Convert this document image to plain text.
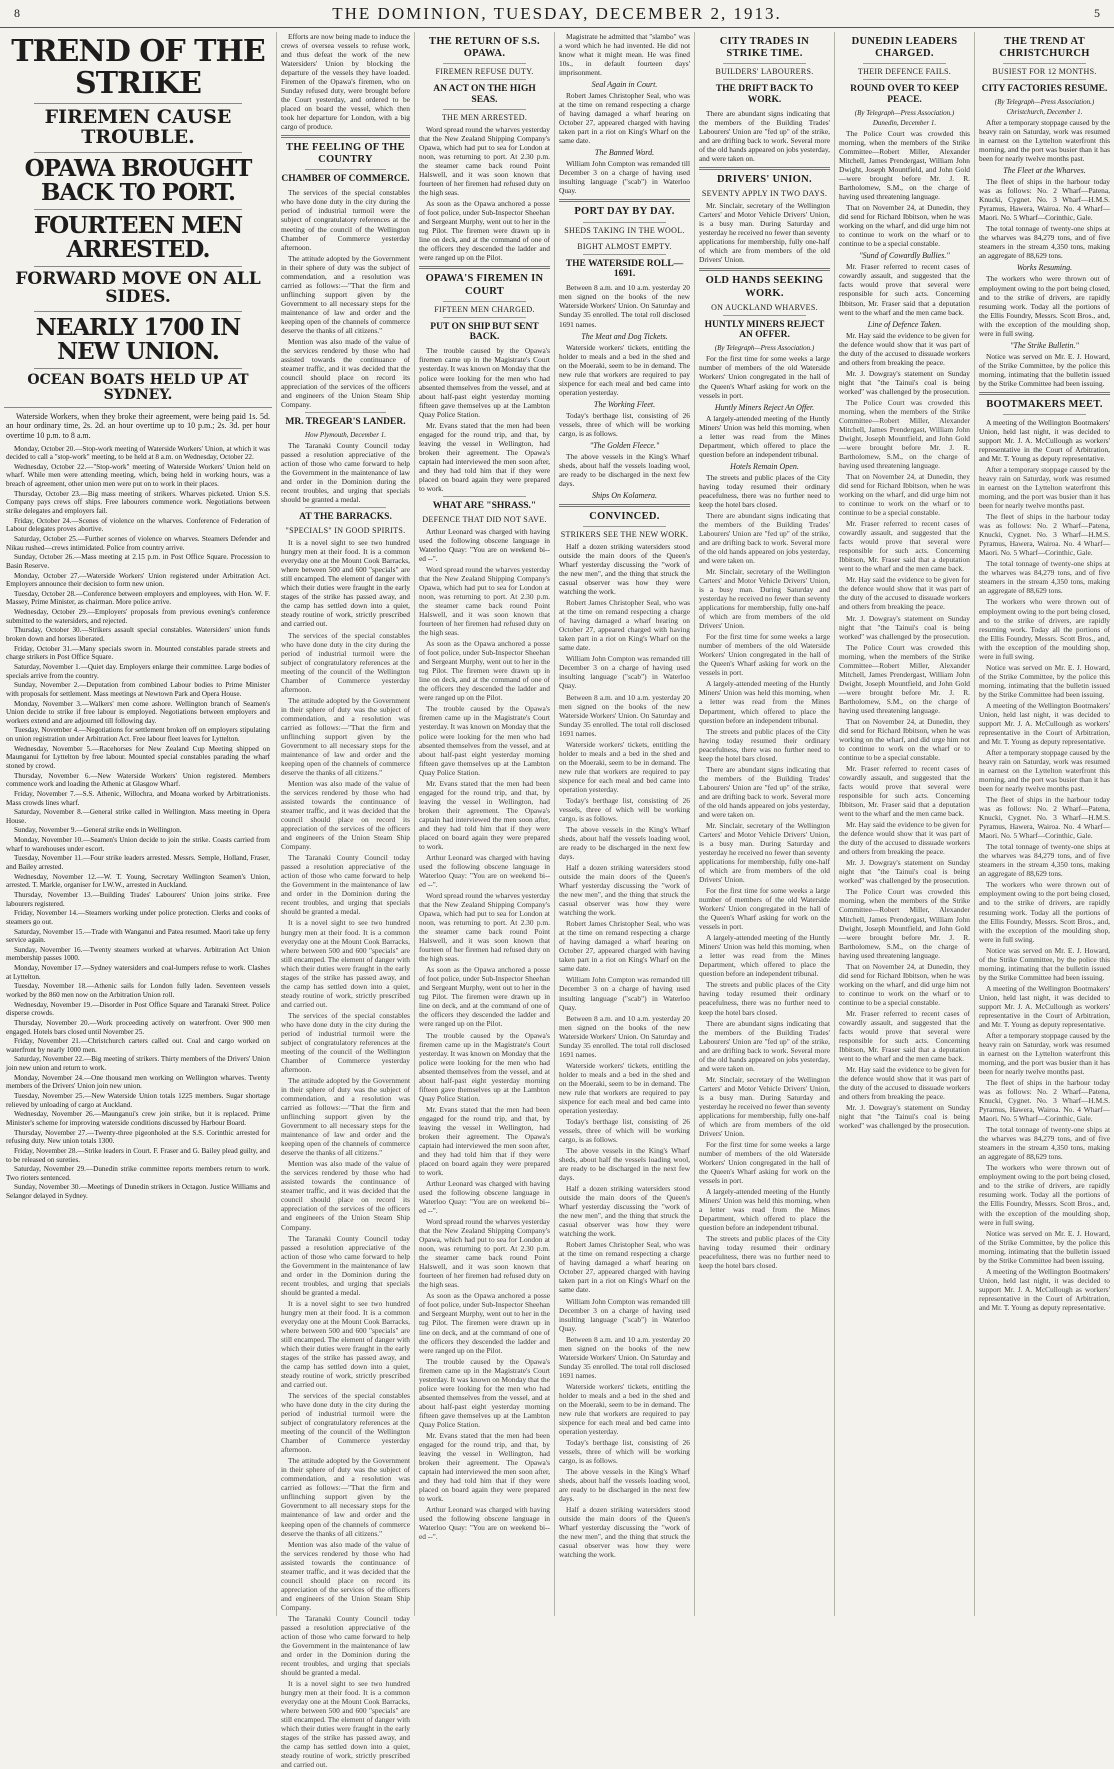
8	THE DOMINION, TUESDAY, DECEMBER 2, 1913.	5
TREND OF THE STRIKE
FIREMEN CAUSE TROUBLE.
OPAWA BROUGHT BACK TO PORT.
FOURTEEN MEN ARRESTED.
FORWARD MOVE ON ALL SIDES.
NEARLY 1700 IN NEW UNION.
OCEAN BOATS HELD UP AT SYDNEY.
Waterside Workers, when they broke their agreement, were being paid 1s. 5d. an hour ordinary time, 2s. 2d. an hour overtime up to 10 p.m.; 2s. 3d. per hour overtime 10 p.m. to 8 a.m.

Monday, October 20.—Stop-work meeting of Waterside Workers' Union, at which it was decided to call a "stop-work" meeting, to be held at 8 a.m. on Wednesday, October 22.

Wednesday, October 22.—"Stop-work" meeting of Waterside Workers' Union held on wharf. While men were attending meeting, which, being held in working hours, was a breach of agreement, other union men were put on to work in their places.

Thursday, October 23.—Big mass meeting of strikers. Wharves picketed. Union S.S. Company pays crews off ships. Free labourers commence work. Negotiations between strike delegates and employers fail.

Friday, October 24.—Scenes of violence on the wharves. Conference of Federation of Labour delegates proves abortive.

Saturday, October 25.—Further scenes of violence on wharves. Steamers Defender and Nikau rushed—crews intimidated. Police from country arrive.

Sunday, October 26.—Mass meeting at 2.15 p.m. in Post Office Square. Procession to Basin Reserve.

Monday, October 27.—Waterside Workers' Union registered under Arbitration Act. Employers announce their decision to form new union.

Tuesday, October 28.—Conference between employers and employees, with Hon. W. F. Massey, Prime Minister, as chairman. More police arrive.

Wednesday, October 29.—Employers' proposals from previous evening's conference submitted to the watersiders, and rejected.

Thursday, October 30.—Strikers assault special constables. Watersiders' union funds broken down and horses liberated.

Friday, October 31.—Many specials sworn in. Mounted constables parade streets and charge strikers in Post Office Square.

Saturday, November 1.—Quiet day. Employers enlarge their committee. Large bodies of specials arrive from the country.

Sunday, November 2.—Deputation from combined Labour bodies to Prime Minister with proposals for settlement. Mass meetings at Newtown Park and Opera House.

Monday, November 3.—Walkers' men come ashore. Wellington branch of Seamen's Union decide to strike if free labour is employed. Negotiations between employers and workers extend and are adjourned till following day.

Tuesday, November 4.—Negotiations for settlement broken off on employers stipulating on union registration under Arbitration Act. Free labour fleet leaves for Lyttelton.

Wednesday, November 5.—Racehorses for New Zealand Cup Meeting shipped on Maunganui for Lyttelton by free labour. Mounted special constables parading the wharf stoned by crowd.

Thursday, November 6.—New Waterside Workers' Union registered. Members commence work and loading the Athenic at Glasgow Wharf.

Friday, November 7.—S.S. Athenic, Willochra, and Moana worked by Arbitrationists. Mass crowds lines wharf.

Saturday, November 8.—General strike called in Wellington. Mass meeting in Opera House.

Sunday, November 9.—General strike ends in Wellington.

Monday, November 10.—Seamen's Union decide to join the strike. Coasts carried from wharf to warehouses under escort.

Tuesday, November 11.—Four strike leaders arrested. Messrs. Semple, Holland, Fraser, and Bailey arrested.

Wednesday, November 12.—W. T. Young, Secretary Wellington Seamen's Union, arrested. T. Markle, organiser for I.W.W., arrested in Auckland.

Thursday, November 13.—Building Trades' Labourers' Union joins strike. Free labourers registered.

Friday, November 14.—Steamers working under police protection. Clerks and cooks of steamers go out.

Saturday, November 15.—Trade with Wanganui and Patea resumed. Maori take up ferry service again.

Sunday, November 16.—Twenty steamers worked at wharves. Arbitration Act Union membership passes 1000.

Monday, November 17.—Sydney watersiders and coal-lumpers refuse to work. Clashes at Lyttelton.

Tuesday, November 18.—Athenic sails for London fully laden. Seventeen vessels worked by the 860 men now on the Arbitration Union roll.

Wednesday, November 19.—Disorder in Post Office Square and Taranaki Street. Police disperse crowds.

Thursday, November 20.—Work proceeding actively on waterfront. Over 900 men engaged. Hotels bars closed until November 25.

Friday, November 21.—Christchurch carters called out. Coal and cargo worked on waterfront by nearly 1000 men.

Saturday, November 22.—Big meeting of strikers. Thirty members of the Drivers' Union join new union and return to work.

Monday, November 24.—One thousand men working on Wellington wharves. Twenty members of the Drivers' Union join new union.

Tuesday, November 25.—New Waterside Union totals 1225 members. Sugar shortage relieved by unloading of cargo at Auckland.

Wednesday, November 26.—Maunganui's crew join strike, but it is replaced. Prime Minister's scheme for improving waterside conditions discussed by Harbour Board.

Thursday, November 27.—Twenty-three pigeonholed at the S.S. Corinthic arrested for refusing duty. New union totals 1300.

Friday, November 28.—Strike leaders in Court. F. Fraser and G. Bailey plead guilty, and to be released on sureties.

Saturday, November 29.—Dunedin strike committee reports members return to work. Two rioters sentenced.

Sunday, November 30.—Meetings of Dunedin strikers in Octagon. Justice Williams and Selangor delayed in Sydney.

Efforts are now being made to induce the crews of oversea vessels to refuse work, and thus defeat the work of the new Watersiders' Union by blocking the departure of the vessels they have loaded. Firemen of the Opawa's firemen, who on Sunday refused duty, were brought before the Court yesterday, and ordered to be placed on board the vessel, which then took her departure for London, with a big cargo of produce.

THE FEELING OF THE COUNTRY
CHAMBER OF COMMERCE.

The services of the special constables who have done duty in the city during the period of industrial turmoil were the subject of congratulatory references at the meeting of the council of the Wellington Chamber of Commerce yesterday afternoon.

The attitude adopted by the Government in their sphere of duty was the subject of commendation, and a resolution was carried as follows:—"That the firm and unflinching support given by the Government to all necessary steps for the maintenance of law and order and the keeping open of the channels of commerce deserve the thanks of all citizens."

Mention was also made of the value of the services rendered by those who had assisted towards the continuance of steamer traffic, and it was decided that the council should place on record its appreciation of the services of the officers and engineers of the Union Steam Ship Company.

MR. TREGEAR'S LANDER.
How Plymouth, December 1.

The Taranaki County Council today passed a resolution appreciative of the action of those who came forward to help the Government in the maintenance of law and order in the Dominion during the recent troubles, and urging that specials should be granted a medal.

AT THE BARRACKS.
"SPECIALS" IN GOOD SPIRITS.

It is a novel sight to see two hundred hungry men at their food. It is a common everyday one at the Mount Cook Barracks, where between 500 and 600 "specials" are still encamped. The element of danger with which their duties were fraught in the early stages of the strike has passed away, and the camp has settled down into a quiet, steady routine of work, strictly prescribed and carried out.

The services of the special constables who have done duty in the city during the period of industrial turmoil were the subject of congratulatory references at the meeting of the council of the Wellington Chamber of Commerce yesterday afternoon.

The attitude adopted by the Government in their sphere of duty was the subject of commendation, and a resolution was carried as follows:—"That the firm and unflinching support given by the Government to all necessary steps for the maintenance of law and order and the keeping open of the channels of commerce deserve the thanks of all citizens."

Mention was also made of the value of the services rendered by those who had assisted towards the continuance of steamer traffic, and it was decided that the council should place on record its appreciation of the services of the officers and engineers of the Union Steam Ship Company.

The Taranaki County Council today passed a resolution appreciative of the action of those who came forward to help the Government in the maintenance of law and order in the Dominion during the recent troubles, and urging that specials should be granted a medal.

It is a novel sight to see two hundred hungry men at their food. It is a common everyday one at the Mount Cook Barracks, where between 500 and 600 "specials" are still encamped. The element of danger with which their duties were fraught in the early stages of the strike has passed away, and the camp has settled down into a quiet, steady routine of work, strictly prescribed and carried out.

The services of the special constables who have done duty in the city during the period of industrial turmoil were the subject of congratulatory references at the meeting of the council of the Wellington Chamber of Commerce yesterday afternoon.

The attitude adopted by the Government in their sphere of duty was the subject of commendation, and a resolution was carried as follows:—"That the firm and unflinching support given by the Government to all necessary steps for the maintenance of law and order and the keeping open of the channels of commerce deserve the thanks of all citizens."

Mention was also made of the value of the services rendered by those who had assisted towards the continuance of steamer traffic, and it was decided that the council should place on record its appreciation of the services of the officers and engineers of the Union Steam Ship Company.

The Taranaki County Council today passed a resolution appreciative of the action of those who came forward to help the Government in the maintenance of law and order in the Dominion during the recent troubles, and urging that specials should be granted a medal.

It is a novel sight to see two hundred hungry men at their food. It is a common everyday one at the Mount Cook Barracks, where between 500 and 600 "specials" are still encamped. The element of danger with which their duties were fraught in the early stages of the strike has passed away, and the camp has settled down into a quiet, steady routine of work, strictly prescribed and carried out.

The services of the special constables who have done duty in the city during the period of industrial turmoil were the subject of congratulatory references at the meeting of the council of the Wellington Chamber of Commerce yesterday afternoon.

The attitude adopted by the Government in their sphere of duty was the subject of commendation, and a resolution was carried as follows:—"That the firm and unflinching support given by the Government to all necessary steps for the maintenance of law and order and the keeping open of the channels of commerce deserve the thanks of all citizens."

Mention was also made of the value of the services rendered by those who had assisted towards the continuance of steamer traffic, and it was decided that the council should place on record its appreciation of the services of the officers and engineers of the Union Steam Ship Company.

The Taranaki County Council today passed a resolution appreciative of the action of those who came forward to help the Government in the maintenance of law and order in the Dominion during the recent troubles, and urging that specials should be granted a medal.

It is a novel sight to see two hundred hungry men at their food. It is a common everyday one at the Mount Cook Barracks, where between 500 and 600 "specials" are still encamped. The element of danger with which their duties were fraught in the early stages of the strike has passed away, and the camp has settled down into a quiet, steady routine of work, strictly prescribed and carried out.

THE RETURN OF S.S. OPAWA.
FIREMEN REFUSE DUTY.
AN ACT ON THE HIGH SEAS.
THE MEN ARRESTED.

Word spread round the wharves yesterday that the New Zealand Shipping Company's Opawa, which had put to sea for London at noon, was returning to port. At 2.30 p.m. the steamer came back round Point Halswell, and it was soon known that fourteen of her firemen had refused duty on the high seas.

As soon as the Opawa anchored a posse of foot police, under Sub-Inspector Sheehan and Sergeant Murphy, went out to her in the tug Pilot. The firemen were drawn up in line on deck, and at the command of one of the officers they descended the ladder and were ranged up on the Pilot.

OPAWA'S FIREMEN IN COURT
FIFTEEN MEN CHARGED.
PUT ON SHIP BUT SENT BACK.

The trouble caused by the Opawa's firemen came up in the Magistrate's Court yesterday. It was known on Monday that the police were looking for the men who had absented themselves from the vessel, and at about half-past eight yesterday morning fifteen gave themselves up at the Lambton Quay Police Station.

Mr. Evans stated that the men had been engaged for the round trip, and that, by leaving the vessel in Wellington, had broken their agreement. The Opawa's captain had interviewed the men soon after, and they had told him that if they were placed on board again they were prepared to work.

WHAT ARE "SHRASS."
DEFENCE THAT DID NOT SAVE.

Arthur Leonard was charged with having used the following obscene language in Waterloo Quay: "You are on weekend bi--ed --".

Word spread round the wharves yesterday that the New Zealand Shipping Company's Opawa, which had put to sea for London at noon, was returning to port. At 2.30 p.m. the steamer came back round Point Halswell, and it was soon known that fourteen of her firemen had refused duty on the high seas.

As soon as the Opawa anchored a posse of foot police, under Sub-Inspector Sheehan and Sergeant Murphy, went out to her in the tug Pilot. The firemen were drawn up in line on deck, and at the command of one of the officers they descended the ladder and were ranged up on the Pilot.

The trouble caused by the Opawa's firemen came up in the Magistrate's Court yesterday. It was known on Monday that the police were looking for the men who had absented themselves from the vessel, and at about half-past eight yesterday morning fifteen gave themselves up at the Lambton Quay Police Station.

Mr. Evans stated that the men had been engaged for the round trip, and that, by leaving the vessel in Wellington, had broken their agreement. The Opawa's captain had interviewed the men soon after, and they had told him that if they were placed on board again they were prepared to work.

Arthur Leonard was charged with having used the following obscene language in Waterloo Quay: "You are on weekend bi--ed --".

Word spread round the wharves yesterday that the New Zealand Shipping Company's Opawa, which had put to sea for London at noon, was returning to port. At 2.30 p.m. the steamer came back round Point Halswell, and it was soon known that fourteen of her firemen had refused duty on the high seas.

As soon as the Opawa anchored a posse of foot police, under Sub-Inspector Sheehan and Sergeant Murphy, went out to her in the tug Pilot. The firemen were drawn up in line on deck, and at the command of one of the officers they descended the ladder and were ranged up on the Pilot.

The trouble caused by the Opawa's firemen came up in the Magistrate's Court yesterday. It was known on Monday that the police were looking for the men who had absented themselves from the vessel, and at about half-past eight yesterday morning fifteen gave themselves up at the Lambton Quay Police Station.

Mr. Evans stated that the men had been engaged for the round trip, and that, by leaving the vessel in Wellington, had broken their agreement. The Opawa's captain had interviewed the men soon after, and they had told him that if they were placed on board again they were prepared to work.

Arthur Leonard was charged with having used the following obscene language in Waterloo Quay: "You are on weekend bi--ed --".

Word spread round the wharves yesterday that the New Zealand Shipping Company's Opawa, which had put to sea for London at noon, was returning to port. At 2.30 p.m. the steamer came back round Point Halswell, and it was soon known that fourteen of her firemen had refused duty on the high seas.

As soon as the Opawa anchored a posse of foot police, under Sub-Inspector Sheehan and Sergeant Murphy, went out to her in the tug Pilot. The firemen were drawn up in line on deck, and at the command of one of the officers they descended the ladder and were ranged up on the Pilot.

The trouble caused by the Opawa's firemen came up in the Magistrate's Court yesterday. It was known on Monday that the police were looking for the men who had absented themselves from the vessel, and at about half-past eight yesterday morning fifteen gave themselves up at the Lambton Quay Police Station.

Mr. Evans stated that the men had been engaged for the round trip, and that, by leaving the vessel in Wellington, had broken their agreement. The Opawa's captain had interviewed the men soon after, and they had told him that if they were placed on board again they were prepared to work.

Arthur Leonard was charged with having used the following obscene language in Waterloo Quay: "You are on weekend bi--ed --".

Magistrate he admitted that "slambo" was a word which he had invented. He did not know what it might mean. He was fined 10s., in default fourteen days' imprisonment.

Seal Again in Court.

Robert James Christopher Seal, who was at the time on remand respecting a charge of having damaged a wharf hearing on October 27, appeared charged with having taken part in a riot on King's Wharf on the same date.

The Banned Word.

William John Compton was remanded till December 3 on a charge of having used insulting language ("scab") in Waterloo Quay.

PORT DAY BY DAY.
SHEDS TAKING IN THE WOOL.
BIGHT ALMOST EMPTY.
THE WATERSIDE ROLL—1691.

Between 8 a.m. and 10 a.m. yesterday 20 men signed on the books of the new Waterside Workers' Union. On Saturday and Sunday 35 enrolled. The total roll disclosed 1691 names.

The Meat and Dog Tickets.

Waterside workers' tickets, entitling the holder to meals and a bed in the shed and on the Moeraki, seem to be in demand. The new rule that workers are required to pay sixpence for each meal and bed came into operation yesterday.

The Working Fleet.

Today's berthage list, consisting of 26 vessels, three of which will be working cargo, is as follows.

"The Golden Fleece."

The above vessels in the King's Wharf sheds, about half the vessels loading wool, are ready to be discharged in the next few days.

Ships On Kolamera.
CONVINCED.
STRIKERS SEE THE NEW WORK.

Half a dozen striking watersiders stood outside the main doors of the Queen's Wharf yesterday discussing the "work of the new men", and the thing that struck the casual observer was how they were watching the work.

Robert James Christopher Seal, who was at the time on remand respecting a charge of having damaged a wharf hearing on October 27, appeared charged with having taken part in a riot on King's Wharf on the same date.

William John Compton was remanded till December 3 on a charge of having used insulting language ("scab") in Waterloo Quay.

Between 8 a.m. and 10 a.m. yesterday 20 men signed on the books of the new Waterside Workers' Union. On Saturday and Sunday 35 enrolled. The total roll disclosed 1691 names.

Waterside workers' tickets, entitling the holder to meals and a bed in the shed and on the Moeraki, seem to be in demand. The new rule that workers are required to pay sixpence for each meal and bed came into operation yesterday.

Today's berthage list, consisting of 26 vessels, three of which will be working cargo, is as follows.

The above vessels in the King's Wharf sheds, about half the vessels loading wool, are ready to be discharged in the next few days.

Half a dozen striking watersiders stood outside the main doors of the Queen's Wharf yesterday discussing the "work of the new men", and the thing that struck the casual observer was how they were watching the work.

Robert James Christopher Seal, who was at the time on remand respecting a charge of having damaged a wharf hearing on October 27, appeared charged with having taken part in a riot on King's Wharf on the same date.

William John Compton was remanded till December 3 on a charge of having used insulting language ("scab") in Waterloo Quay.

Between 8 a.m. and 10 a.m. yesterday 20 men signed on the books of the new Waterside Workers' Union. On Saturday and Sunday 35 enrolled. The total roll disclosed 1691 names.

Waterside workers' tickets, entitling the holder to meals and a bed in the shed and on the Moeraki, seem to be in demand. The new rule that workers are required to pay sixpence for each meal and bed came into operation yesterday.

Today's berthage list, consisting of 26 vessels, three of which will be working cargo, is as follows.

The above vessels in the King's Wharf sheds, about half the vessels loading wool, are ready to be discharged in the next few days.

Half a dozen striking watersiders stood outside the main doors of the Queen's Wharf yesterday discussing the "work of the new men", and the thing that struck the casual observer was how they were watching the work.

Robert James Christopher Seal, who was at the time on remand respecting a charge of having damaged a wharf hearing on October 27, appeared charged with having taken part in a riot on King's Wharf on the same date.

William John Compton was remanded till December 3 on a charge of having used insulting language ("scab") in Waterloo Quay.

Between 8 a.m. and 10 a.m. yesterday 20 men signed on the books of the new Waterside Workers' Union. On Saturday and Sunday 35 enrolled. The total roll disclosed 1691 names.

Waterside workers' tickets, entitling the holder to meals and a bed in the shed and on the Moeraki, seem to be in demand. The new rule that workers are required to pay sixpence for each meal and bed came into operation yesterday.

Today's berthage list, consisting of 26 vessels, three of which will be working cargo, is as follows.

The above vessels in the King's Wharf sheds, about half the vessels loading wool, are ready to be discharged in the next few days.

Half a dozen striking watersiders stood outside the main doors of the Queen's Wharf yesterday discussing the "work of the new men", and the thing that struck the casual observer was how they were watching the work.

CITY TRADES IN STRIKE TIME.
BUILDERS' LABOURERS.
THE DRIFT BACK TO WORK.

There are abundant signs indicating that the members of the Building Trades' Labourers' Union are "fed up" of the strike, and are drifting back to work. Several more of the old hands appeared on jobs yesterday, and were taken on.

DRIVERS' UNION.
SEVENTY APPLY IN TWO DAYS.

Mr. Sinclair, secretary of the Wellington Carters' and Motor Vehicle Drivers' Union, is a busy man. During Saturday and yesterday he received no fewer than seventy applications for membership, fully one-half of which are from members of the old Drivers' Union.

OLD HANDS SEEKING WORK.
ON AUCKLAND WHARVES.
HUNTLY MINERS REJECT AN OFFER.
(By Telegraph—Press Association.)

For the first time for some weeks a large number of members of the old Waterside Workers' Union congregated in the hall of the Queen's Wharf asking for work on the vessels in port.

Huntly Miners Reject An Offer.

A largely-attended meeting of the Huntly Miners' Union was held this morning, when a letter was read from the Mines Department, which offered to place the question before an independent tribunal.

Hotels Remain Open.

The streets and public places of the City having today resumed their ordinary peacefulness, there was no further need to keep the hotel bars closed.

There are abundant signs indicating that the members of the Building Trades' Labourers' Union are "fed up" of the strike, and are drifting back to work. Several more of the old hands appeared on jobs yesterday, and were taken on.

Mr. Sinclair, secretary of the Wellington Carters' and Motor Vehicle Drivers' Union, is a busy man. During Saturday and yesterday he received no fewer than seventy applications for membership, fully one-half of which are from members of the old Drivers' Union.

For the first time for some weeks a large number of members of the old Waterside Workers' Union congregated in the hall of the Queen's Wharf asking for work on the vessels in port.

A largely-attended meeting of the Huntly Miners' Union was held this morning, when a letter was read from the Mines Department, which offered to place the question before an independent tribunal.

The streets and public places of the City having today resumed their ordinary peacefulness, there was no further need to keep the hotel bars closed.

There are abundant signs indicating that the members of the Building Trades' Labourers' Union are "fed up" of the strike, and are drifting back to work. Several more of the old hands appeared on jobs yesterday, and were taken on.

Mr. Sinclair, secretary of the Wellington Carters' and Motor Vehicle Drivers' Union, is a busy man. During Saturday and yesterday he received no fewer than seventy applications for membership, fully one-half of which are from members of the old Drivers' Union.

For the first time for some weeks a large number of members of the old Waterside Workers' Union congregated in the hall of the Queen's Wharf asking for work on the vessels in port.

A largely-attended meeting of the Huntly Miners' Union was held this morning, when a letter was read from the Mines Department, which offered to place the question before an independent tribunal.

The streets and public places of the City having today resumed their ordinary peacefulness, there was no further need to keep the hotel bars closed.

There are abundant signs indicating that the members of the Building Trades' Labourers' Union are "fed up" of the strike, and are drifting back to work. Several more of the old hands appeared on jobs yesterday, and were taken on.

Mr. Sinclair, secretary of the Wellington Carters' and Motor Vehicle Drivers' Union, is a busy man. During Saturday and yesterday he received no fewer than seventy applications for membership, fully one-half of which are from members of the old Drivers' Union.

For the first time for some weeks a large number of members of the old Waterside Workers' Union congregated in the hall of the Queen's Wharf asking for work on the vessels in port.

A largely-attended meeting of the Huntly Miners' Union was held this morning, when a letter was read from the Mines Department, which offered to place the question before an independent tribunal.

The streets and public places of the City having today resumed their ordinary peacefulness, there was no further need to keep the hotel bars closed.

DUNEDIN LEADERS CHARGED.
THEIR DEFENCE FAILS.
ROUND OVER TO KEEP PEACE.
(By Telegraph—Press Association.)
Dunedin, December 1.

The Police Court was crowded this morning, when the members of the Strike Committee—Robert Miller, Alexander Mitchell, James Prendergast, William John Dwight, Joseph Mountfield, and John Gold—were brought before Mr. J. R. Bartholomew, S.M., on the charge of having used threatening language.

That on November 24, at Dunedin, they did send for Richard Ibbitson, when he was working on the wharf, and did urge him not to continue to work on the wharf or to continue to be a special constable.

"Sund of Cowardly Bullies."

Mr. Fraser referred to recent cases of cowardly assault, and suggested that the facts would prove that several were responsible for such acts. Concerning Ibbitson, Mr. Fraser said that a deputation went to the wharf and the men came back.

Line of Defence Taken.

Mr. Hay said the evidence to be given for the defence would show that it was part of the duty of the accused to dissuade workers and others from breaking the peace.

Mr. J. Dowgray's statement on Sunday night that "the Tainui's coal is being worked" was challenged by the prosecution.

The Police Court was crowded this morning, when the members of the Strike Committee—Robert Miller, Alexander Mitchell, James Prendergast, William John Dwight, Joseph Mountfield, and John Gold—were brought before Mr. J. R. Bartholomew, S.M., on the charge of having used threatening language.

That on November 24, at Dunedin, they did send for Richard Ibbitson, when he was working on the wharf, and did urge him not to continue to work on the wharf or to continue to be a special constable.

Mr. Fraser referred to recent cases of cowardly assault, and suggested that the facts would prove that several were responsible for such acts. Concerning Ibbitson, Mr. Fraser said that a deputation went to the wharf and the men came back.

Mr. Hay said the evidence to be given for the defence would show that it was part of the duty of the accused to dissuade workers and others from breaking the peace.

Mr. J. Dowgray's statement on Sunday night that "the Tainui's coal is being worked" was challenged by the prosecution.

The Police Court was crowded this morning, when the members of the Strike Committee—Robert Miller, Alexander Mitchell, James Prendergast, William John Dwight, Joseph Mountfield, and John Gold—were brought before Mr. J. R. Bartholomew, S.M., on the charge of having used threatening language.

That on November 24, at Dunedin, they did send for Richard Ibbitson, when he was working on the wharf, and did urge him not to continue to work on the wharf or to continue to be a special constable.

Mr. Fraser referred to recent cases of cowardly assault, and suggested that the facts would prove that several were responsible for such acts. Concerning Ibbitson, Mr. Fraser said that a deputation went to the wharf and the men came back.

Mr. Hay said the evidence to be given for the defence would show that it was part of the duty of the accused to dissuade workers and others from breaking the peace.

Mr. J. Dowgray's statement on Sunday night that "the Tainui's coal is being worked" was challenged by the prosecution.

The Police Court was crowded this morning, when the members of the Strike Committee—Robert Miller, Alexander Mitchell, James Prendergast, William John Dwight, Joseph Mountfield, and John Gold—were brought before Mr. J. R. Bartholomew, S.M., on the charge of having used threatening language.

That on November 24, at Dunedin, they did send for Richard Ibbitson, when he was working on the wharf, and did urge him not to continue to work on the wharf or to continue to be a special constable.

Mr. Fraser referred to recent cases of cowardly assault, and suggested that the facts would prove that several were responsible for such acts. Concerning Ibbitson, Mr. Fraser said that a deputation went to the wharf and the men came back.

Mr. Hay said the evidence to be given for the defence would show that it was part of the duty of the accused to dissuade workers and others from breaking the peace.

Mr. J. Dowgray's statement on Sunday night that "the Tainui's coal is being worked" was challenged by the prosecution.

THE TREND AT CHRISTCHURCH
BUSIEST FOR 12 MONTHS.
CITY FACTORIES RESUME.
(By Telegraph—Press Association.)
Christchurch, December 1.

After a temporary stoppage caused by the heavy rain on Saturday, work was resumed in earnest on the Lyttelton waterfront this morning, and the port was busier than it has been for nearly twelve months past.

The Fleet at the Wharves.

The fleet of ships in the harbour today was as follows: No. 2 Wharf—Patena, Knucki, Cygnet. No. 3 Wharf—H.M.S. Pyramus, Hawera, Wairoa. No. 4 Wharf—Maori. No. 5 Wharf—Corinthic, Gale.

The total tonnage of twenty-one ships at the wharves was 84,279 tons, and of five steamers in the stream 4,350 tons, making an aggregate of 88,629 tons.

Works Resuming.

The workers who were thrown out of employment owing to the port being closed, and to the strike of drivers, are rapidly resuming work. Today all the portions of the Ellis Foundry, Messrs. Scott Bros., and, with the exception of the moulding shop, were in full swing.

"The Strike Bulletin."

Notice was served on Mr. E. J. Howard, of the Strike Committee, by the police this morning, intimating that the bulletin issued by the Strike Committee had been issuing.

BOOTMAKERS MEET.

A meeting of the Wellington Bootmakers' Union, held last night, it was decided to support Mr. J. A. McCullough as workers' representative in the Court of Arbitration, and Mr. T. Young as deputy representative.

After a temporary stoppage caused by the heavy rain on Saturday, work was resumed in earnest on the Lyttelton waterfront this morning, and the port was busier than it has been for nearly twelve months past.

The fleet of ships in the harbour today was as follows: No. 2 Wharf—Patena, Knucki, Cygnet. No. 3 Wharf—H.M.S. Pyramus, Hawera, Wairoa. No. 4 Wharf—Maori. No. 5 Wharf—Corinthic, Gale.

The total tonnage of twenty-one ships at the wharves was 84,279 tons, and of five steamers in the stream 4,350 tons, making an aggregate of 88,629 tons.

The workers who were thrown out of employment owing to the port being closed, and to the strike of drivers, are rapidly resuming work. Today all the portions of the Ellis Foundry, Messrs. Scott Bros., and, with the exception of the moulding shop, were in full swing.

Notice was served on Mr. E. J. Howard, of the Strike Committee, by the police this morning, intimating that the bulletin issued by the Strike Committee had been issuing.

A meeting of the Wellington Bootmakers' Union, held last night, it was decided to support Mr. J. A. McCullough as workers' representative in the Court of Arbitration, and Mr. T. Young as deputy representative.

After a temporary stoppage caused by the heavy rain on Saturday, work was resumed in earnest on the Lyttelton waterfront this morning, and the port was busier than it has been for nearly twelve months past.

The fleet of ships in the harbour today was as follows: No. 2 Wharf—Patena, Knucki, Cygnet. No. 3 Wharf—H.M.S. Pyramus, Hawera, Wairoa. No. 4 Wharf—Maori. No. 5 Wharf—Corinthic, Gale.

The total tonnage of twenty-one ships at the wharves was 84,279 tons, and of five steamers in the stream 4,350 tons, making an aggregate of 88,629 tons.

The workers who were thrown out of employment owing to the port being closed, and to the strike of drivers, are rapidly resuming work. Today all the portions of the Ellis Foundry, Messrs. Scott Bros., and, with the exception of the moulding shop, were in full swing.

Notice was served on Mr. E. J. Howard, of the Strike Committee, by the police this morning, intimating that the bulletin issued by the Strike Committee had been issuing.

A meeting of the Wellington Bootmakers' Union, held last night, it was decided to support Mr. J. A. McCullough as workers' representative in the Court of Arbitration, and Mr. T. Young as deputy representative.

After a temporary stoppage caused by the heavy rain on Saturday, work was resumed in earnest on the Lyttelton waterfront this morning, and the port was busier than it has been for nearly twelve months past.

The fleet of ships in the harbour today was as follows: No. 2 Wharf—Patena, Knucki, Cygnet. No. 3 Wharf—H.M.S. Pyramus, Hawera, Wairoa. No. 4 Wharf—Maori. No. 5 Wharf—Corinthic, Gale.

The total tonnage of twenty-one ships at the wharves was 84,279 tons, and of five steamers in the stream 4,350 tons, making an aggregate of 88,629 tons.

The workers who were thrown out of employment owing to the port being closed, and to the strike of drivers, are rapidly resuming work. Today all the portions of the Ellis Foundry, Messrs. Scott Bros., and, with the exception of the moulding shop, were in full swing.

Notice was served on Mr. E. J. Howard, of the Strike Committee, by the police this morning, intimating that the bulletin issued by the Strike Committee had been issuing.

A meeting of the Wellington Bootmakers' Union, held last night, it was decided to support Mr. J. A. McCullough as workers' representative in the Court of Arbitration, and Mr. T. Young as deputy representative.
